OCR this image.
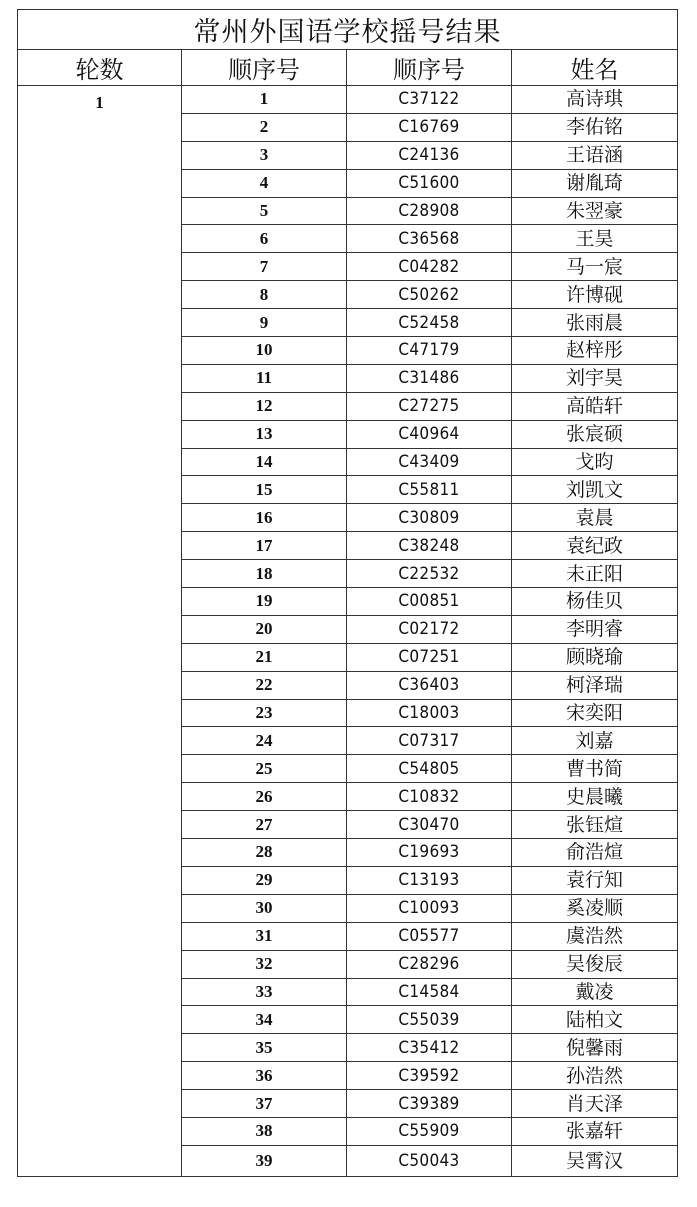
常州外国语学校摇号结果			
轮数	顺序号	顺序号	姓名
1	1	C37122	高诗琪
	2	C16769	李佑铭
	3	C24136	王语涵
	4	C51600	谢胤琦
	5	C28908	朱翌豪
	6	C36568	王昊
	7	C04282	马一宸
	8	C50262	许博砚
	9	C52458	张雨晨
	10	C47179	赵梓彤
	11	C31486	刘宇昊
	12	C27275	高皓轩
	13	C40964	张宸硕
	14	C43409	戈昀
	15	C55811	刘凯文
	16	C30809	袁晨
	17	C38248	袁纪政
	18	C22532	未正阳
	19	C00851	杨佳贝
	20	C02172	李明睿
	21	C07251	顾晓瑜
	22	C36403	柯泽瑞
	23	C18003	宋奕阳
	24	C07317	刘嘉
	25	C54805	曹书简
	26	C10832	史晨曦
	27	C30470	张钰煊
	28	C19693	俞浩煊
	29	C13193	袁行知
	30	C10093	奚凌顺
	31	C05577	虞浩然
	32	C28296	吴俊辰
	33	C14584	戴凌
	34	C55039	陆柏文
	35	C35412	倪馨雨
	36	C39592	孙浩然
	37	C39389	肖天泽
	38	C55909	张嘉轩
	39	C50043	吴霄汉
